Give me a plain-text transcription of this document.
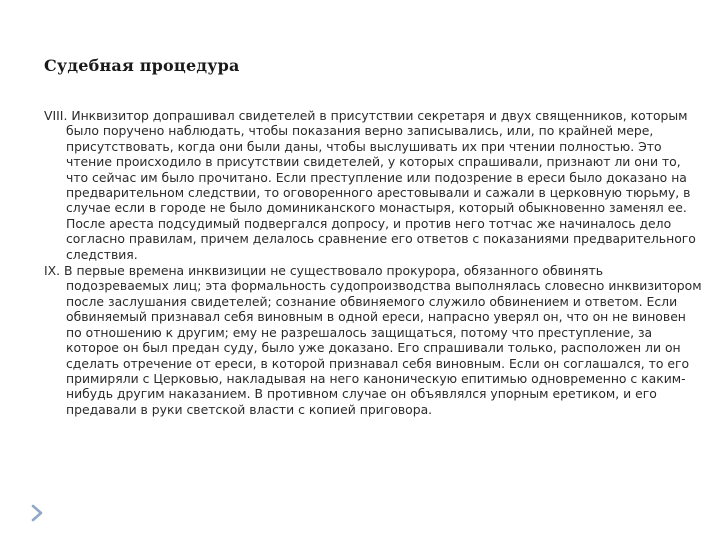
Судебная процедура

VIII. Инквизитор допрашивал свидетелей в присутствии секретаря и двух священников, которым было поручено наблюдать, чтобы показания верно записывались, или, по крайней мере, присутствовать, когда они были даны, чтобы выслушивать их при чтении полностью. Это чтение происходило в присутствии свидетелей, у которых спрашивали, признают ли они то, что сейчас им было прочитано. Если преступление или подозрение в ереси было доказано на предварительном следствии, то оговоренного арестовывали и сажали в церковную тюрьму, в случае если в городе не было доминиканского монастыря, который обыкновенно заменял ее. После ареста подсудимый подвергался допросу, и против него тотчас же начиналось дело согласно правилам, причем делалось сравнение его ответов с показаниями предварительного следствия.

IX. В первые времена инквизиции не существовало прокурора, обязанного обвинять подозреваемых лиц; эта формальность судопроизводства выполнялась словесно инквизитором после заслушания свидетелей; сознание обвиняемого служило обвинением и ответом. Если обвиняемый признавал себя виновным в одной ереси, напрасно уверял он, что он не виновен по отношению к другим; ему не разрешалось защищаться, потому что преступление, за которое он был предан суду, было уже доказано. Его спрашивали только, расположен ли он сделать отречение от ереси, в которой признавал себя виновным. Если он соглашался, то его примиряли с Церковью, накладывая на него каноническую епитимью одновременно с каким-нибудь другим наказанием. В противном случае он объявлялся упорным еретиком, и его предавали в руки светской власти с копией приговора.
